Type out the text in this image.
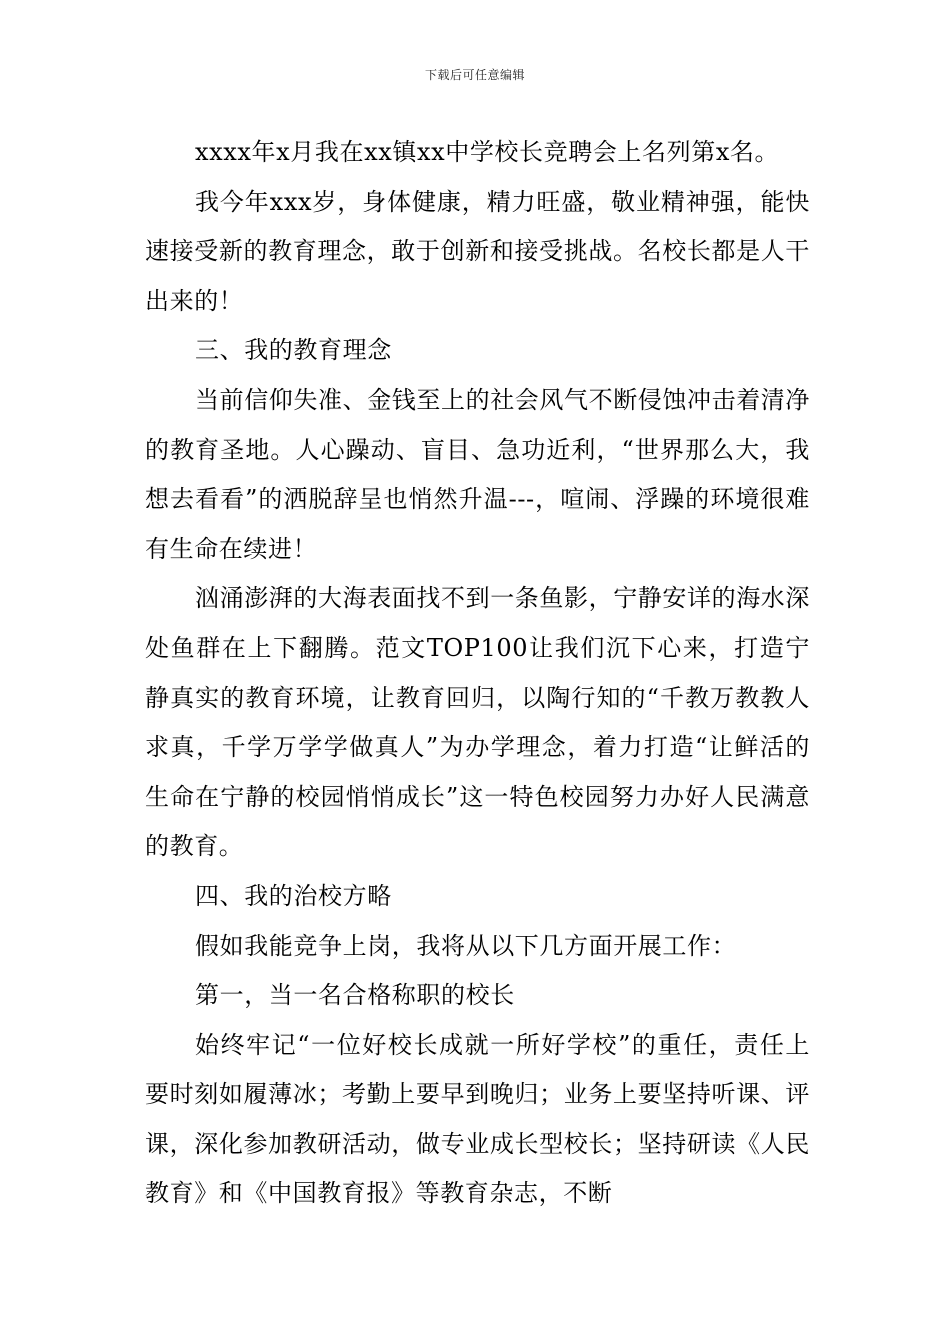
下载后可任意编辑

xxxx年x月我在xx镇xx中学校长竞聘会上名列第x名。

我今年xxx岁，身体健康，精力旺盛，敬业精神强，能快速接受新的教育理念，敢于创新和接受挑战。名校长都是人干出来的！

三、我的教育理念

当前信仰失准、金钱至上的社会风气不断侵蚀冲击着清净的教育圣地。人心躁动、盲目、急功近利，“世界那么大，我想去看看”的洒脱辞呈也悄然升温---，喧闹、浮躁的环境很难有生命在续进！

汹涌澎湃的大海表面找不到一条鱼影，宁静安详的海水深处鱼群在上下翻腾。范文TOP100让我们沉下心来，打造宁静真实的教育环境，让教育回归，以陶行知的“千教万教教人求真，千学万学学做真人”为办学理念，着力打造“让鲜活的生命在宁静的校园悄悄成长”这一特色校园努力办好人民满意的教育。

四、我的治校方略

假如我能竞争上岗，我将从以下几方面开展工作：

第一，当一名合格称职的校长

始终牢记“一位好校长成就一所好学校”的重任，责任上要时刻如履薄冰；考勤上要早到晚归；业务上要坚持听课、评课，深化参加教研活动，做专业成长型校长；坚持研读《人民教育》和《中国教育报》等教育杂志，不断
